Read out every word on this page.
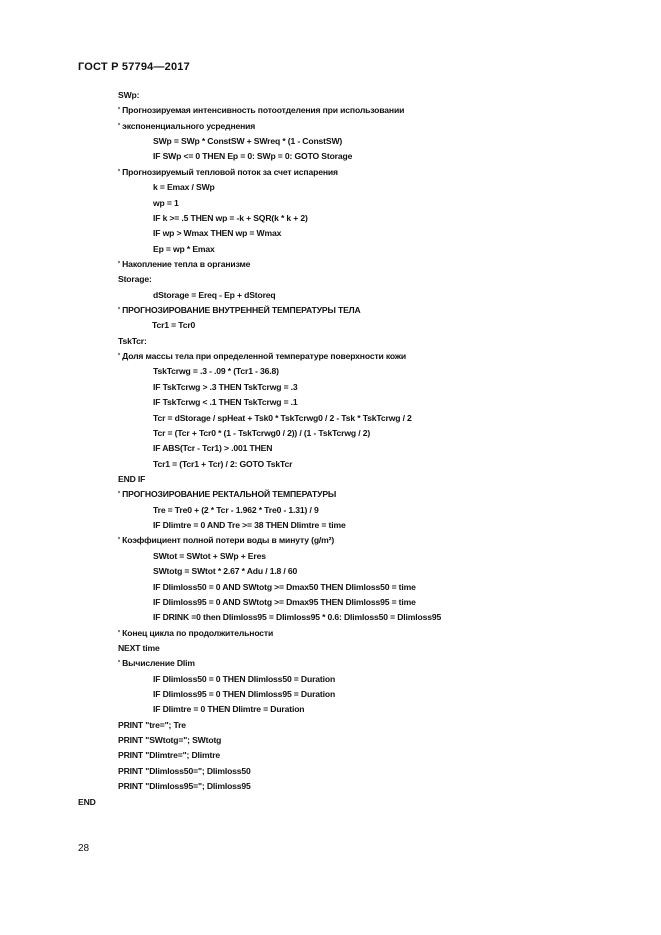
ГОСТ Р 57794—2017
SWp:
' Прогнозируемая интенсивность потоотделения при использовании
' экспоненциального усреднения
SWp = SWp * ConstSW + SWreq * (1 - ConstSW)
IF SWp <= 0 THEN Ep = 0: SWp = 0: GOTO Storage
' Прогнозируемый тепловой поток за счет испарения
k = Emax / SWp
wp = 1
IF k >= .5 THEN wp = -k + SQR(k * k + 2)
IF wp > Wmax THEN wp = Wmax
Ep = wp * Emax
' Накопление тепла в организме
Storage:
dStorage = Ereq - Ep + dStoreq
' ПРОГНОЗИРОВАНИЕ ВНУТРЕННЕЙ ТЕМПЕРАТУРЫ ТЕЛА
Tcr1 = Tcr0
TskTcr:
' Доля массы тела при определенной температуре поверхности кожи
TskTcrwg = .3 - .09 * (Tcr1 - 36.8)
IF TskTcrwg > .3 THEN TskTcrwg = .3
IF TskTcrwg < .1 THEN TskTcrwg = .1
Tcr = dStorage / spHeat + Tsk0 * TskTcrwg0 / 2 - Tsk * TskTcrwg / 2
Tcr = (Tcr + Tcr0 * (1 - TskTcrwg0 / 2)) / (1 - TskTcrwg / 2)
IF ABS(Tcr - Tcr1) > .001 THEN
Tcr1 = (Tcr1 + Tcr) / 2: GOTO TskTcr
END IF
' ПРОГНОЗИРОВАНИЕ РЕКТАЛЬНОЙ ТЕМПЕРАТУРЫ
Tre = Tre0 + (2 * Tcr - 1.962 * Tre0 - 1.31) / 9
IF Dlimtre = 0 AND Tre >= 38 THEN Dlimtre = time
' Коэффициент полной потери воды в минуту (g/m²)
SWtot = SWtot + SWp + Eres
SWtotg = SWtot * 2.67 * Adu / 1.8 / 60
IF Dlimloss50 = 0 AND SWtotg >= Dmax50 THEN Dlimloss50 = time
IF Dlimloss95 = 0 AND SWtotg >= Dmax95 THEN Dlimloss95 = time
IF DRINK =0 then Dlimloss95 = Dlimloss95 * 0.6: Dlimloss50 = Dlimloss95
' Конец цикла по продолжительности
NEXT time
' Вычисление Dlim
IF Dlimloss50 = 0 THEN Dlimloss50 = Duration
IF Dlimloss95 = 0 THEN Dlimloss95 = Duration
IF Dlimtre = 0 THEN Dlimtre = Duration
PRINT "tre="; Tre
PRINT "SWtotg="; SWtotg
PRINT "Dlimtre="; Dlimtre
PRINT "Dlimloss50="; Dlimloss50
PRINT "Dlimloss95="; Dlimloss95
END
28
